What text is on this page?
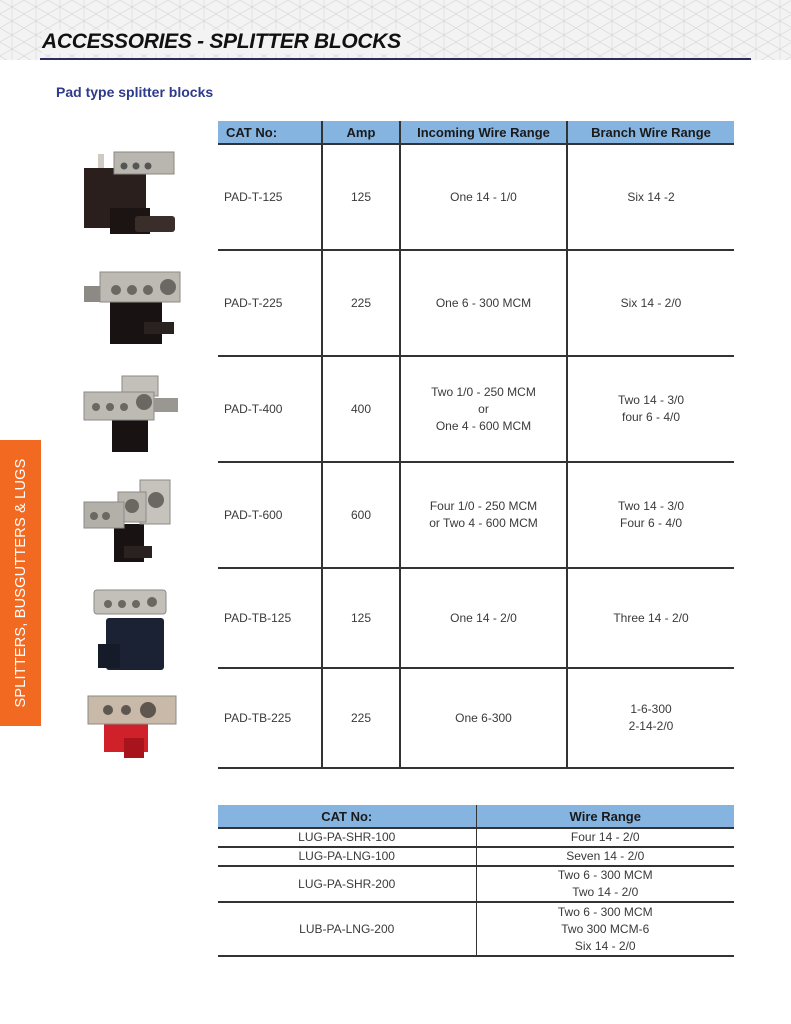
ACCESSORIES - SPLITTER BLOCKS
Pad type splitter blocks
SPLITTERS, BUSGUTTERS & LUGS
CAT No:	Amp	Incoming Wire Range	Branch Wire Range
PAD-T-125	125	One 14 - 1/0	Six 14 -2
PAD-T-225	225	One 6 - 300 MCM	Six 14 - 2/0
PAD-T-400	400	Two 1/0 - 250 MCM
or
One 4 - 600 MCM	Two 14 - 3/0
four 6 - 4/0
PAD-T-600	600	Four 1/0 - 250 MCM
or Two 4 - 600 MCM	Two 14 - 3/0
Four 6 - 4/0
PAD-TB-125	125	One 14 - 2/0	Three 14 - 2/0
PAD-TB-225	225	One 6-300	1-6-300
2-14-2/0
CAT No:	Wire Range
LUG-PA-SHR-100	Four 14 - 2/0
LUG-PA-LNG-100	Seven 14 - 2/0
LUG-PA-SHR-200	Two 6 - 300 MCM
Two 14 - 2/0
LUB-PA-LNG-200	Two 6 - 300 MCM
Two 300 MCM-6
Six 14 - 2/0
